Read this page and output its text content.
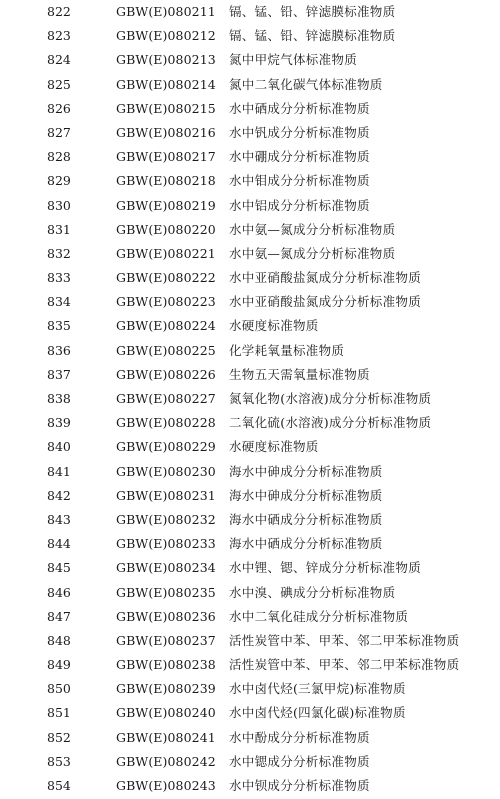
822	GBW(E)080211 镉、锰、铅、锌滤膜标准物质
823	GBW(E)080212 镉、锰、铅、锌滤膜标准物质
824	GBW(E)080213 氮中甲烷气体标准物质
825	GBW(E)080214 氮中二氧化碳气体标准物质
826	GBW(E)080215 水中硒成分分析标准物质
827	GBW(E)080216 水中钒成分分析标准物质
828	GBW(E)080217 水中硼成分分析标准物质
829	GBW(E)080218 水中钼成分分析标准物质
830	GBW(E)080219 水中铝成分分析标准物质
831	GBW(E)080220 水中氨—氮成分分析标准物质
832	GBW(E)080221 水中氨—氮成分分析标准物质
833	GBW(E)080222 水中亚硝酸盐氮成分分析标准物质
834	GBW(E)080223 水中亚硝酸盐氮成分分析标准物质
835	GBW(E)080224 水硬度标准物质
836	GBW(E)080225 化学耗氧量标准物质
837	GBW(E)080226 生物五天需氧量标准物质
838	GBW(E)080227 氮氧化物(水溶液)成分分析标准物质
839	GBW(E)080228 二氧化硫(水溶液)成分分析标准物质
840	GBW(E)080229 水硬度标准物质
841	GBW(E)080230 海水中砷成分分析标准物质
842	GBW(E)080231 海水中砷成分分析标准物质
843	GBW(E)080232 海水中硒成分分析标准物质
844	GBW(E)080233 海水中硒成分分析标准物质
845	GBW(E)080234 水中锂、锶、锌成分分析标准物质
846	GBW(E)080235 水中溴、碘成分分析标准物质
847	GBW(E)080236 水中二氧化硅成分分析标准物质
848	GBW(E)080237 活性炭管中苯、甲苯、邻二甲苯标准物质
849	GBW(E)080238 活性炭管中苯、甲苯、邻二甲苯标准物质
850	GBW(E)080239 水中卤代烃(三氯甲烷)标准物质
851	GBW(E)080240 水中卤代烃(四氯化碳)标准物质
852	GBW(E)080241 水中酚成分分析标准物质
853	GBW(E)080242 水中锶成分分析标准物质
854	GBW(E)080243 水中钡成分分析标准物质
